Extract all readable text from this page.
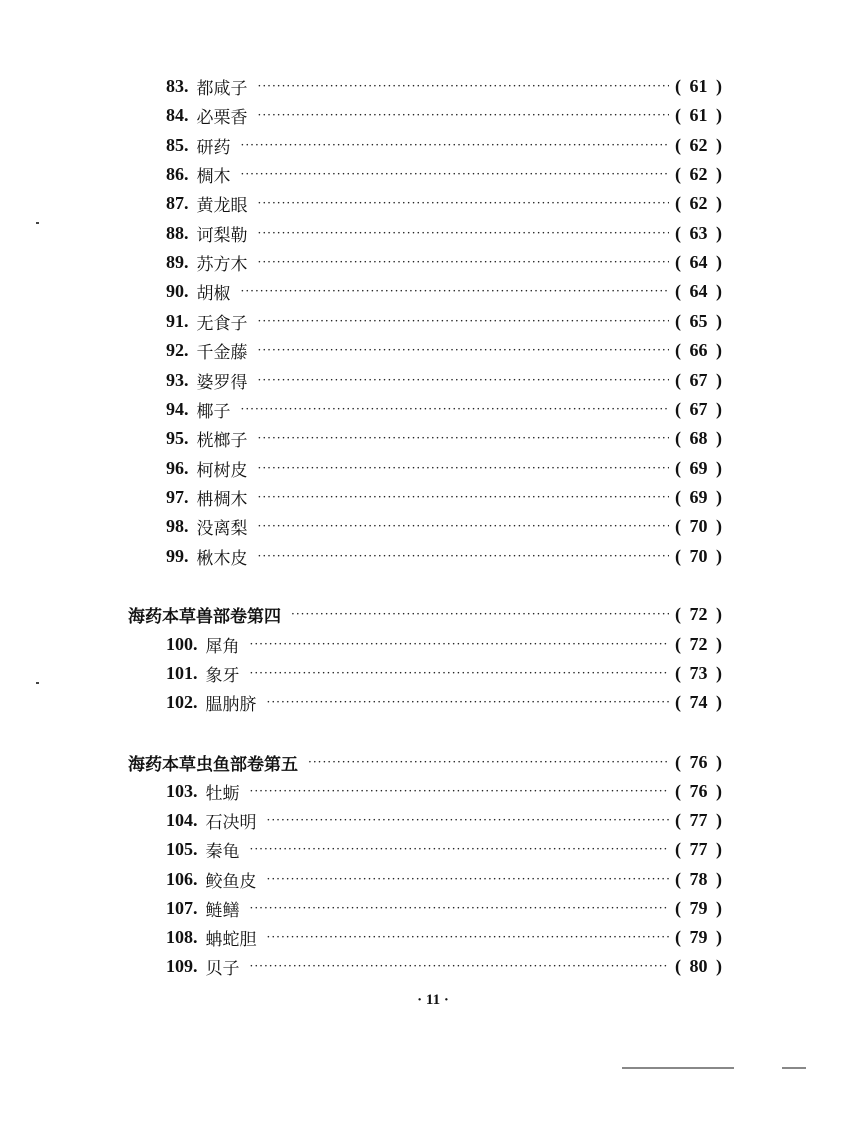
83. 都咸子 ·····	( 61 )
84. 必栗香 ·····	( 61 )
85. 研药 ·····	( 62 )
86. 椆木 ·····	( 62 )
87. 黄龙眼 ·····	( 62 )
88. 诃梨勒 ·····	( 63 )
89. 苏方木 ·····	( 64 )
90. 胡椒 ·····	( 64 )
91. 无食子 ·····	( 65 )
92. 千金藤 ·····	( 66 )
93. 婆罗得 ·····	( 67 )
94. 椰子 ·····	( 67 )
95. 桄榔子 ·····	( 68 )
96. 柯树皮 ·····	( 69 )
97. 柟椆木 ·····	( 69 )
98. 没离梨 ·····	( 70 )
99. 楸木皮 ·····	( 70 )
海药本草兽部卷第四 ·····	( 72 )
100. 犀角 ·····	( 72 )
101. 象牙 ·····	( 73 )
102. 腽肭脐 ·····	( 74 )
海药本草虫鱼部卷第五 ·····	( 76 )
103. 牡蛎 ·····	( 76 )
104. 石决明 ·····	( 77 )
105. 秦龟 ·····	( 77 )
106. 鲛鱼皮 ·····	( 78 )
107. 鲢鳝 ·····	( 79 )
108. 蚺蛇胆 ·····	( 79 )
109. 贝子 ·····	( 80 )
· 11 ·
